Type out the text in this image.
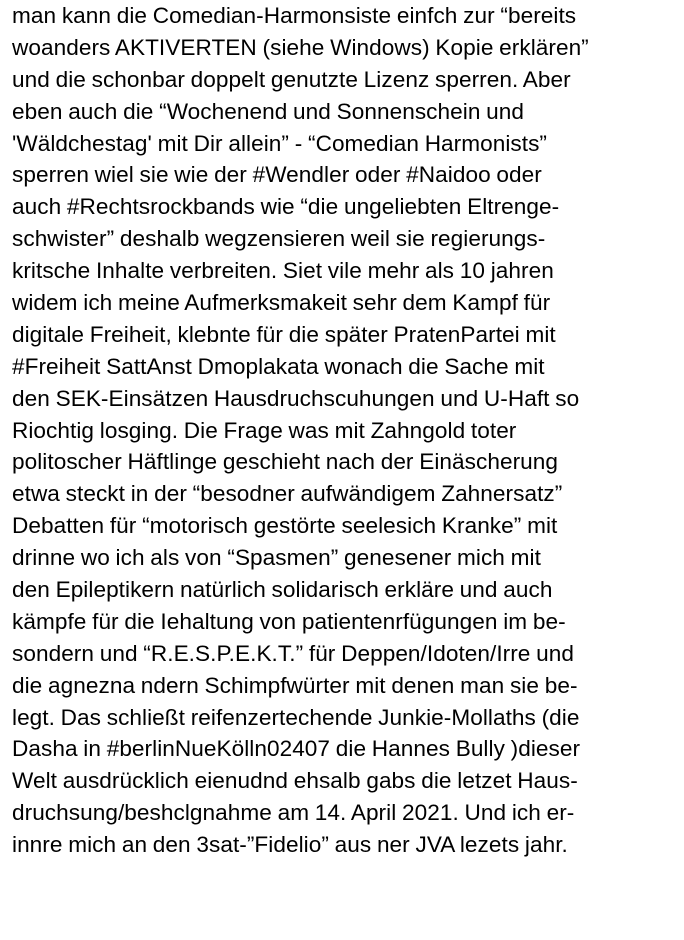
man kann die Comedian-Harmonsiste einfch zur “bereits
woanders AKTIVERTEN (siehe Windows) Kopie erklären”
und die schonbar doppelt genutzte Lizenz sperren. Aber
eben auch die “Wochenend und Sonnenschein und
'Wäldchestag' mit Dir allein” - “Comedian Harmonists”
sperren wiel sie wie der #Wendler oder #Naidoo oder
auch #Rechtsrockbands wie “die ungeliebten Eltrenge-
schwister” deshalb wegzensieren weil sie regierungs-
kritsche Inhalte verbreiten. Siet vile mehr als 10 jahren
widem ich meine Aufmerksmakeit sehr dem Kampf für
digitale Freiheit, klebnte für die später PratenPartei mit
#Freiheit SattAnst Dmoplakata wonach die Sache mit
den SEK-Einsätzen Hausdruchscuhungen und U-Haft so
Riochtig losging. Die Frage was mit Zahngold toter
politoscher Häftlinge geschieht nach der Einäscherung
etwa steckt in der “besodner aufwändigem Zahnersatz”
Debatten für “motorisch gestörte seelesich Kranke” mit
drinne wo ich als von “Spasmen” genesener mich mit
den Epileptikern natürlich solidarisch erkläre und auch
kämpfe für die Iehaltung von patientenrfügungen im be-
sondern und “R.E.S.P.E.K.T.” für Deppen/Idoten/Irre und
die agnezna ndern Schimpfwürter mit denen man sie be-
legt. Das schließt reifenzertechende Junkie-Mollaths (die
Dasha in #berlinNueKölln02407 die Hannes Bully )dieser
Welt ausdrücklich eienudnd ehsalb gabs die letzet Haus-
druchsung/beshclgnahme am 14. April 2021. Und ich er-
innre mich an den 3sat-”Fidelio” aus ner JVA lezets jahr.
